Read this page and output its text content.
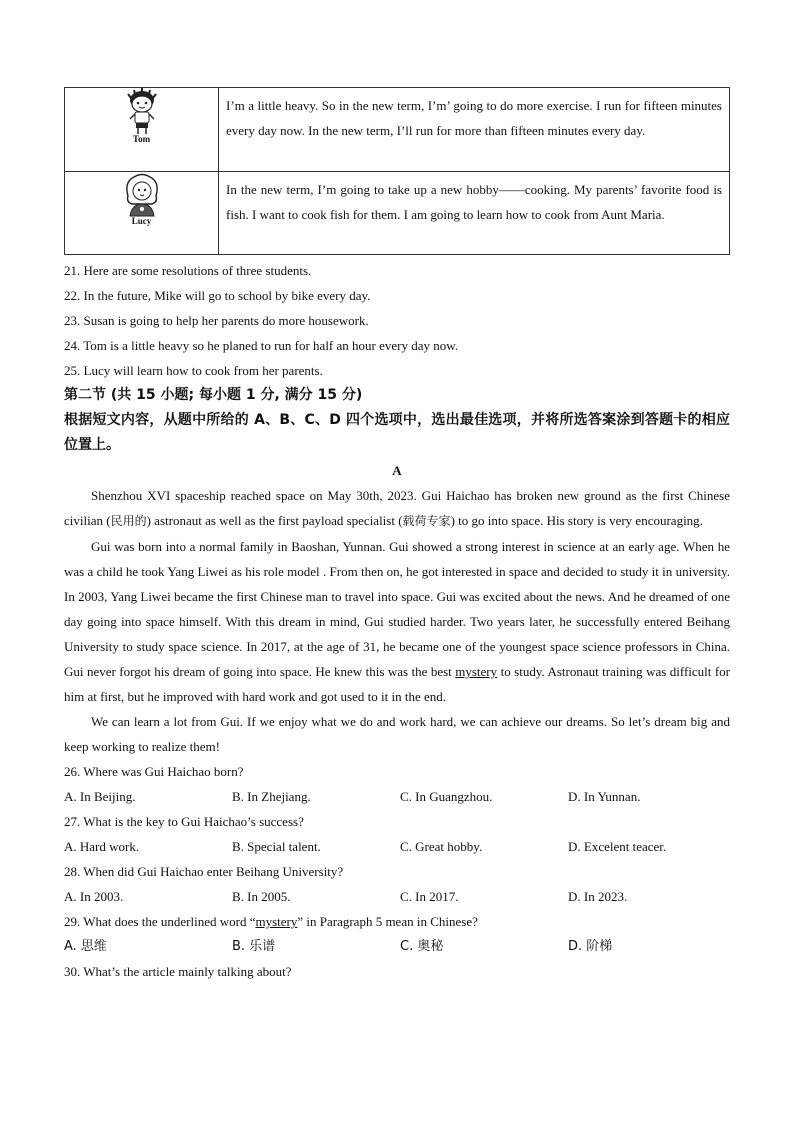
Tom	I’m a little heavy. So in the new term, I’m’ going to do more exercise. I run for fifteen minutes every day now. In the new term, I’ll run for more than fifteen minutes every day.

Lucy	In the new term, I’m going to take up a new hobby——cooking. My parents’ favorite food is fish. I want to cook fish for them. I am going to learn how to cook from Aunt Maria.

21. Here are some resolutions of three students.

22. In the future, Mike will go to school by bike every day.

23. Susan is going to help her parents do more housework.

24. Tom is a little heavy so he planed to run for half an hour every day now.

25. Lucy will learn how to cook from her parents.

第二节 (共 15 小题; 每小题 1 分, 满分 15 分)

根据短文内容，从题中所给的 A、B、C、D 四个选项中，选出最佳选项，并将所选答案涂到答题卡的相应位置上。

A

Shenzhou XVI spaceship reached space on May 30th, 2023. Gui Haichao has broken new ground as the first Chinese civilian (民用的) astronaut as well as the first payload specialist (载荷专家) to go into space. His story is very encouraging.

Gui was born into a normal family in Baoshan, Yunnan. Gui showed a strong interest in science at an early age. When he was a child he took Yang Liwei as his role model . From then on, he got interested in space and decided to study it in university. In 2003, Yang Liwei became the first Chinese man to travel into space. Gui was excited about the news. And he dreamed of one day going into space himself. With this dream in mind, Gui studied harder. Two years later, he successfully entered Beihang University to study space science. In 2017, at the age of 31, he became one of the youngest space science professors in China. Gui never forgot his dream of going into space. He knew this was the best mystery to study. Astronaut training was difficult for him at first, but he improved with hard work and got used to it in the end.

We can learn a lot from Gui. If we enjoy what we do and work hard, we can achieve our dreams. So let’s dream big and keep working to realize them!

26. Where was Gui Haichao born?

A. In Beijing.	B. In Zhejiang.	C. In Guangzhou.	D. In Yunnan.

27. What is the key to Gui Haichao’s success?

A. Hard work.	B. Special talent.	C. Great hobby.	D. Excelent teacer.

28. When did Gui Haichao enter Beihang University?

A. In 2003.	B. In 2005.	C. In 2017.	D. In 2023.

29. What does the underlined word “mystery” in Paragraph 5 mean in Chinese?

A. 思维	B. 乐谱	C. 奥秘	D. 阶梯

30. What’s the article mainly talking about?
